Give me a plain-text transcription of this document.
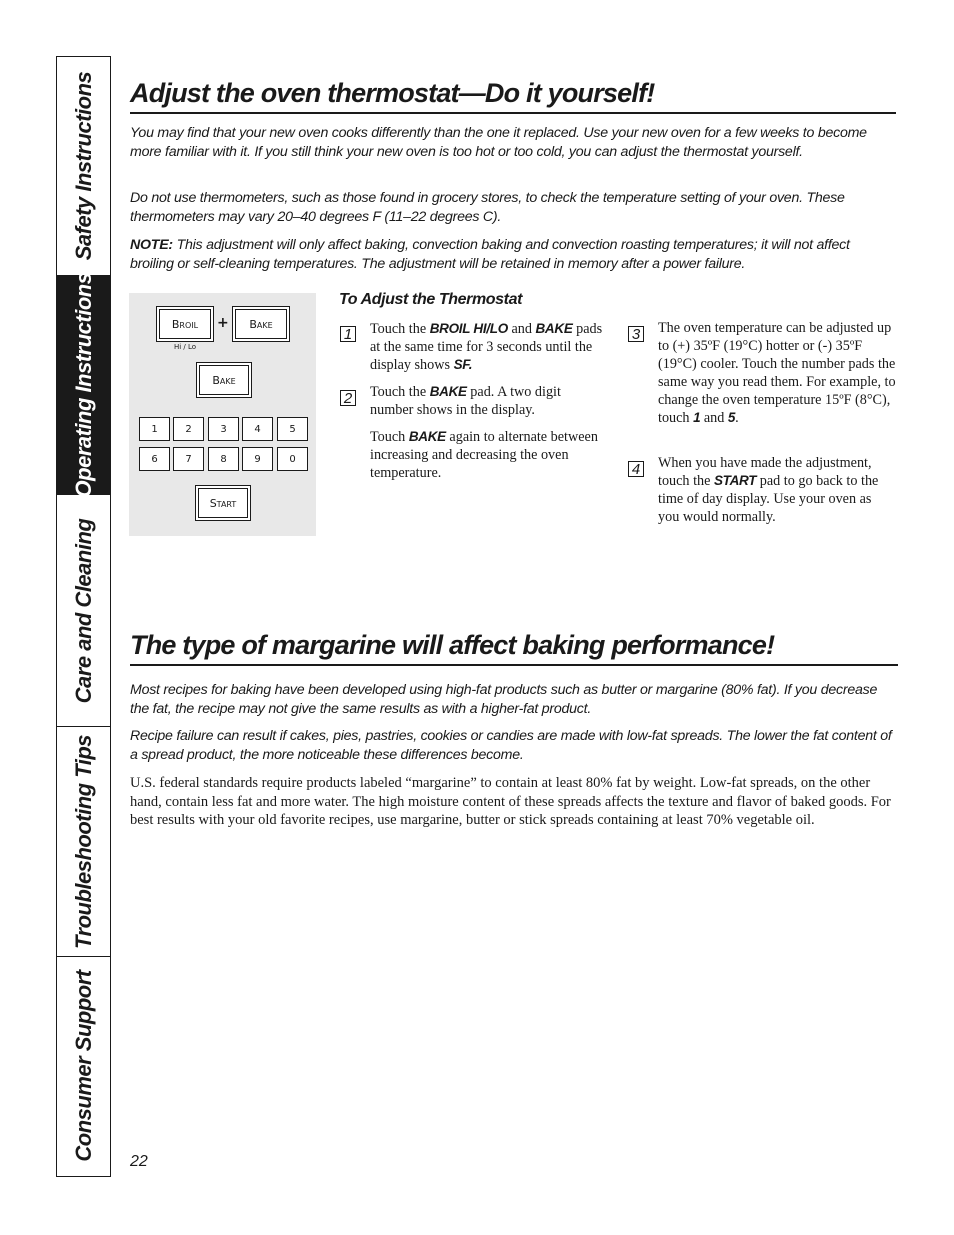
Safety Instructions
Operating Instructions
Care and Cleaning
Troubleshooting Tips
Consumer Support
Adjust the oven thermostat—Do it yourself!

You may find that your new oven cooks differently than the one it replaced. Use your new oven for a few weeks to become more familiar with it. If you still think your new oven is too hot or too cold, you can adjust the thermostat yourself.

Do not use thermometers, such as those found in grocery stores, to check the temperature setting of your oven. These thermometers may vary 20–40 degrees F (11–22 degrees C).

NOTE: This adjustment will only affect baking, convection baking and convection roasting temperatures; it will not affect broiling or self-cleaning temperatures. The adjustment will be retained in memory after a power failure.

Broil
Hi / Lo
+ Bake
Bake
1	2	3	4	5
6	7	8	9	0
Start
To Adjust the Thermostat
1 Touch the BROIL HI/LO and BAKE pads at the same time for 3 seconds until the display shows SF.

2 Touch the BAKE pad. A two digit number shows in the display.

Touch BAKE again to alternate between increasing and decreasing the oven temperature.

3 The oven temperature can be adjusted up to (+) 35ºF (19°C) hotter or (-) 35ºF (19°C) cooler. Touch the number pads the same way you read them. For example, to change the oven temperature 15ºF (8°C), touch 1 and 5.

4 When you have made the adjustment, touch the START pad to go back to the time of day display. Use your oven as you would normally.

The type of margarine will affect baking performance!

Most recipes for baking have been developed using high-fat products such as butter or margarine (80% fat). If you decrease the fat, the recipe may not give the same results as with a higher-fat product.

Recipe failure can result if cakes, pies, pastries, cookies or candies are made with low-fat spreads. The lower the fat content of a spread product, the more noticeable these differences become.

U.S. federal standards require products labeled “margarine” to contain at least 80% fat by weight. Low-fat spreads, on the other hand, contain less fat and more water. The high moisture content of these spreads affects the texture and flavor of baked goods. For best results with your old favorite recipes, use margarine, butter or stick spreads containing at least 70% vegetable oil.

22
